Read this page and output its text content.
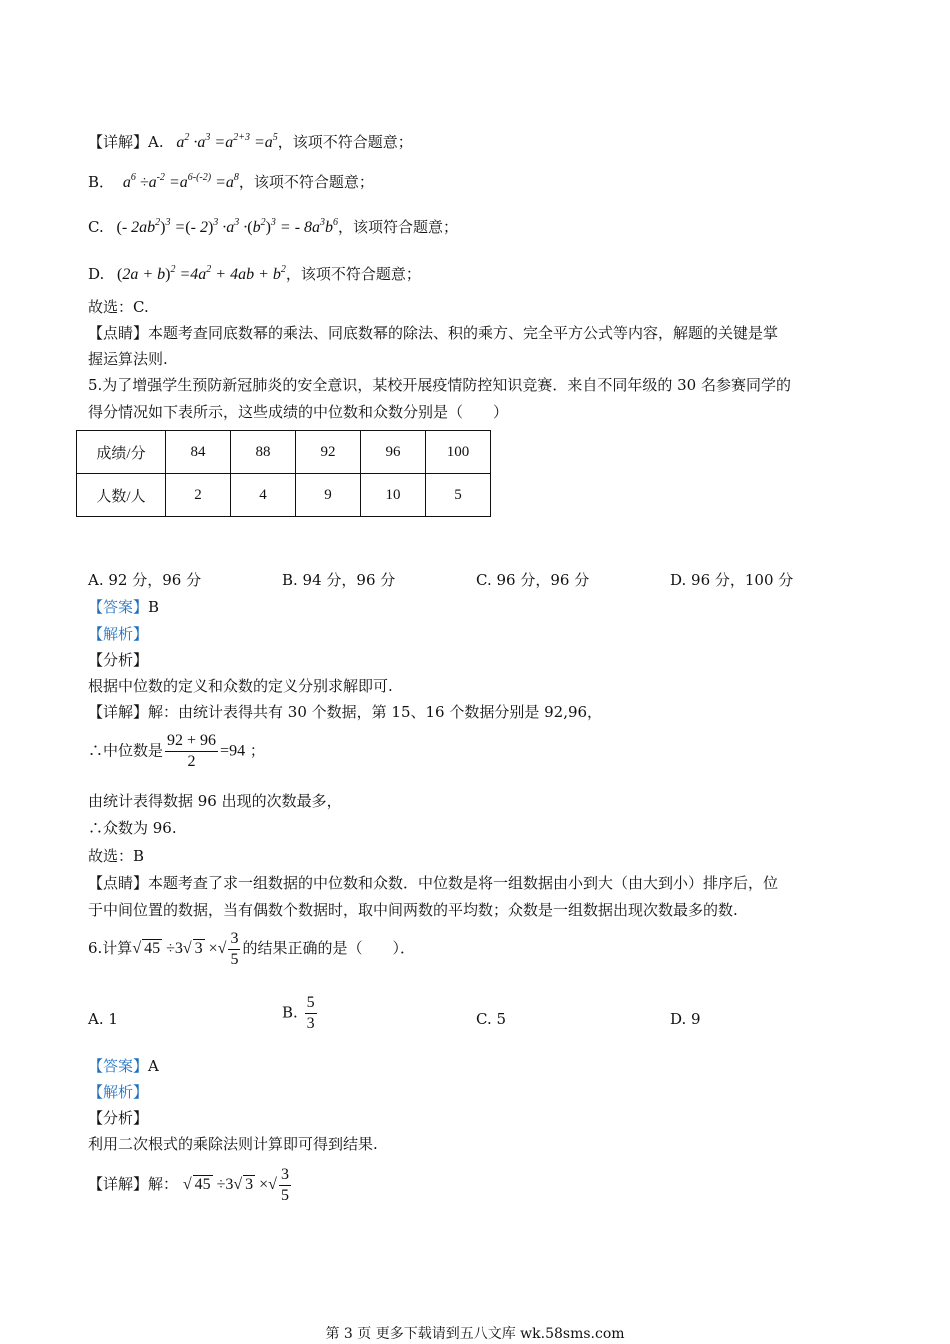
【详解】A.   $a^2 \cdot a^3 =a^{2+3} =a^5$，该项不符合题意；
B．  $a^6 \div a^{-2} =a^{6-(-2)} =a^8$，该项不符合题意；
C. (- $2ab^2)^3$ =(- $2)^3 \cdot a^3 \cdot(b^2)^3$ = - $8a^3b^6$，该项符合题意；
D. $(2a + b)^2 =4a^2 + 4ab + b^2$，该项不符合题意；
故选：C.
【点睛】本题考查同底数幂的乘法、同底数幂的除法、积的乘方、完全平方公式等内容，解题的关键是掌
握运算法则.
5.为了增强学生预防新冠肺炎的安全意识，某校开展疫情防控知识竞赛．来自不同年级的 30 名参赛同学的
得分情况如下表所示，这些成绩的中位数和众数分别是（　　）
成绩/分	84	88	92	96	100
人数/人	2	4	9	10	5
A. 92 分，96 分	B. 94 分，96 分	C. 96 分，96 分	D. 96 分，100 分
【答案】B
【解析】
【分析】
根据中位数的定义和众数的定义分别求解即可.
【详解】解：由统计表得共有 30 个数据，第 15、16 个数据分别是 92,96，
∴中位数是 $\frac{92 + 96}{2} =94$ ；
由统计表得数据 96 出现的次数最多，
∴众数为 96.
故选：B
【点睛】本题考查了求一组数据的中位数和众数．中位数是将一组数据由小到大（由大到小）排序后，位
于中间位置的数据，当有偶数个数据时，取中间两数的平均数；众数是一组数据出现次数最多的数.
6.计算√ 45 ÷3√ 3 ×√ $\frac{3}{5}$ 的结果正确的是（　　）．
A. 1	B. $\frac{5}{3}$	C. 5	D. 9
【答案】A
【解析】
【分析】
利用二次根式的乘除法则计算即可得到结果.
【详解】解： √ 45 ÷3√ 3 ×√ $\frac{3}{5}$
第 3 页 更多下载请到五八文库 wk.58sms.com
